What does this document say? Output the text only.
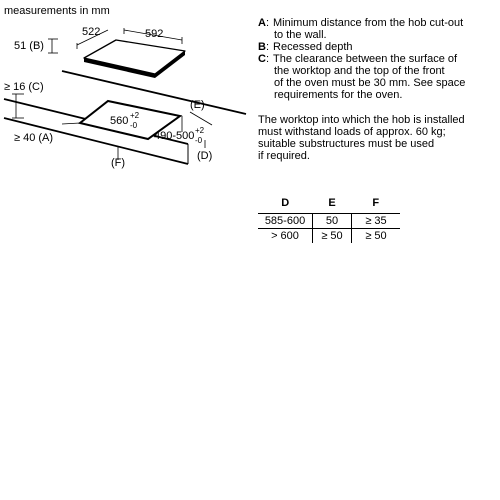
measurements in mm
522	592
51 (B)
≥ 16 (C)
≥ 40 (A)
560 +2
-0
490-500 +2
-0
(E)
(D)
(F)
A : Minimum distance from the hob cut-out
to the wall.
B : Recessed depth
C : The clearance between the surface of
the worktop and the top of the front
of the oven must be 30 mm. See space
requirements for the oven.
The worktop into which the hob is installed
must withstand loads of approx. 60 kg;
suitable substructures must be used
if required.
D	E	F
585-600	50	≥ 35
> 600	≥ 50	≥ 50
